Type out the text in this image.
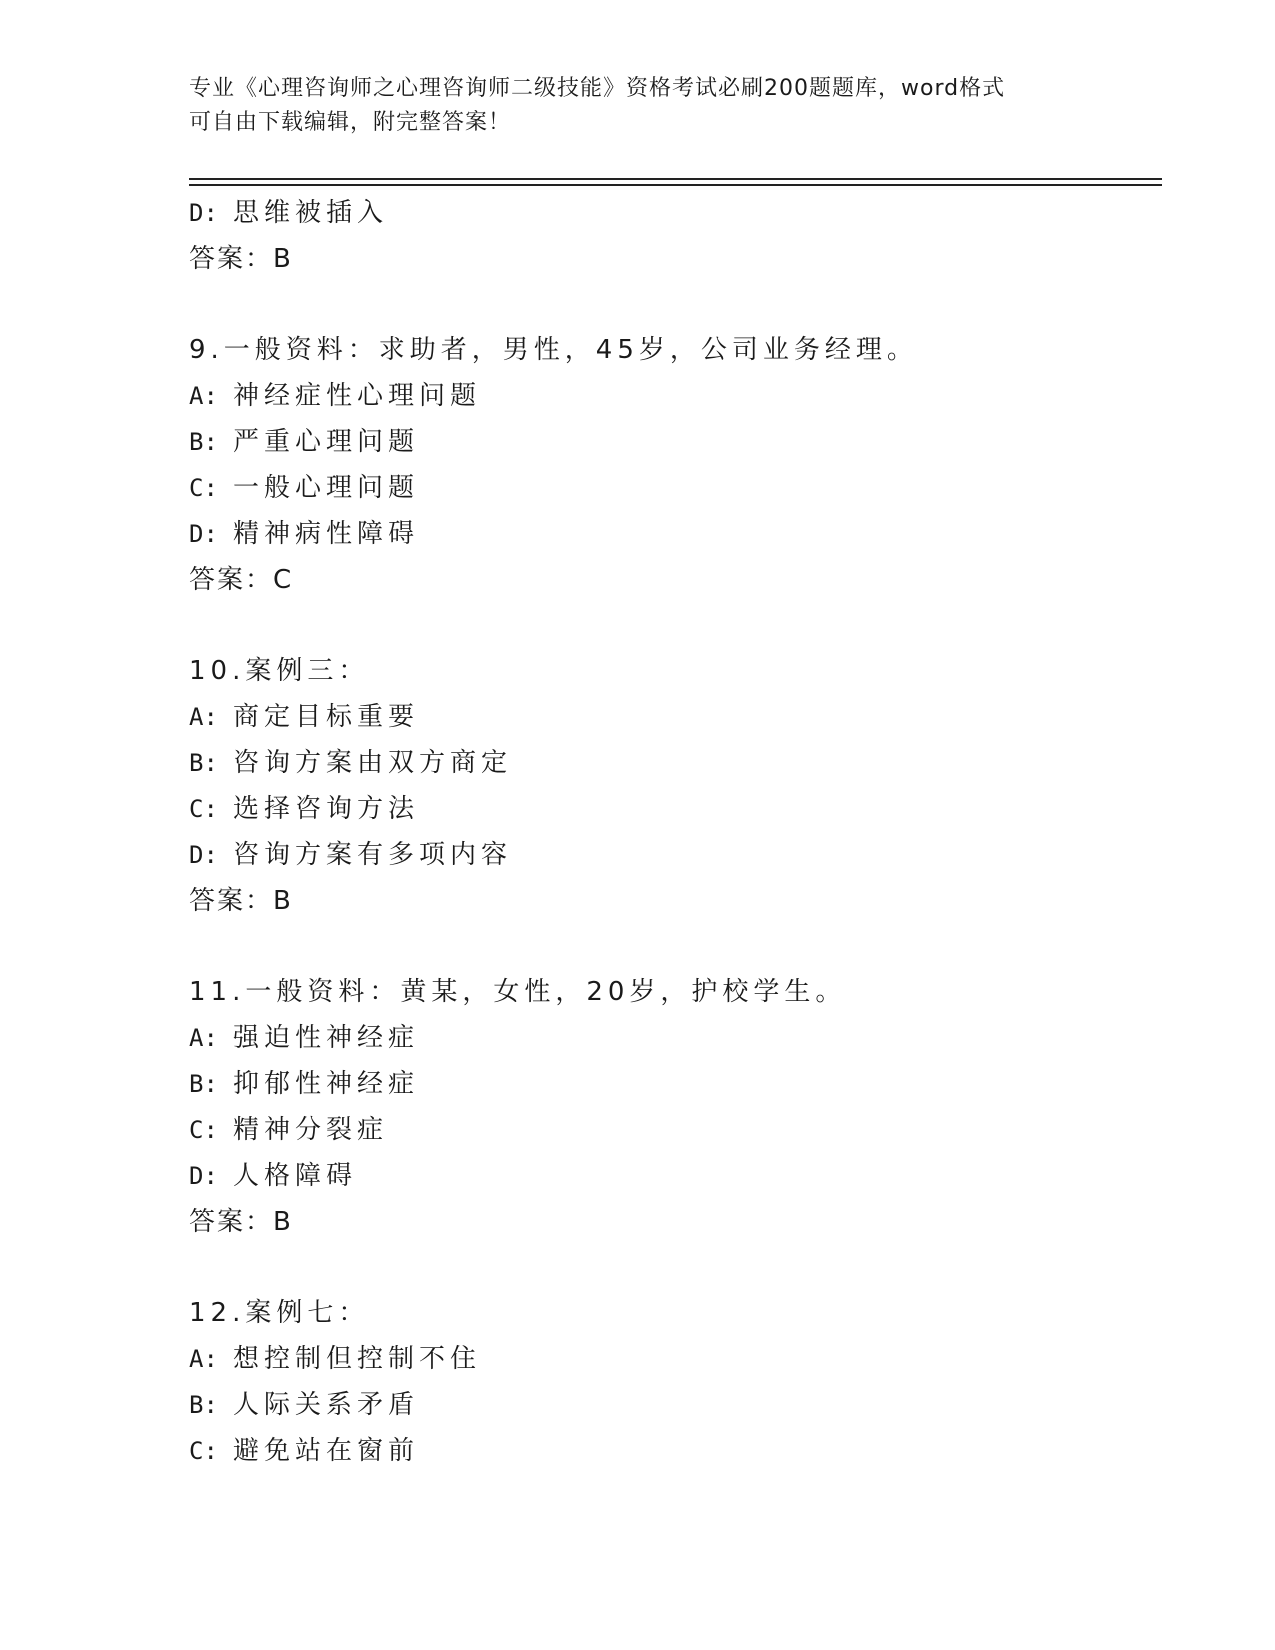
专业《心理咨询师之心理咨询师二级技能》资格考试必刷200题题库，word格式
可自由下载编辑，附完整答案！
D: 思维被插入
答案：B
9.一般资料：求助者，男性，45岁，公司业务经理。
A: 神经症性心理问题
B: 严重心理问题
C: 一般心理问题
D: 精神病性障碍
答案：C
10.案例三：
A: 商定目标重要
B: 咨询方案由双方商定
C: 选择咨询方法
D: 咨询方案有多项内容
答案：B
11.一般资料：黄某，女性，20岁，护校学生。
A: 强迫性神经症
B: 抑郁性神经症
C: 精神分裂症
D: 人格障碍
答案：B
12.案例七：
A: 想控制但控制不住
B: 人际关系矛盾
C: 避免站在窗前
